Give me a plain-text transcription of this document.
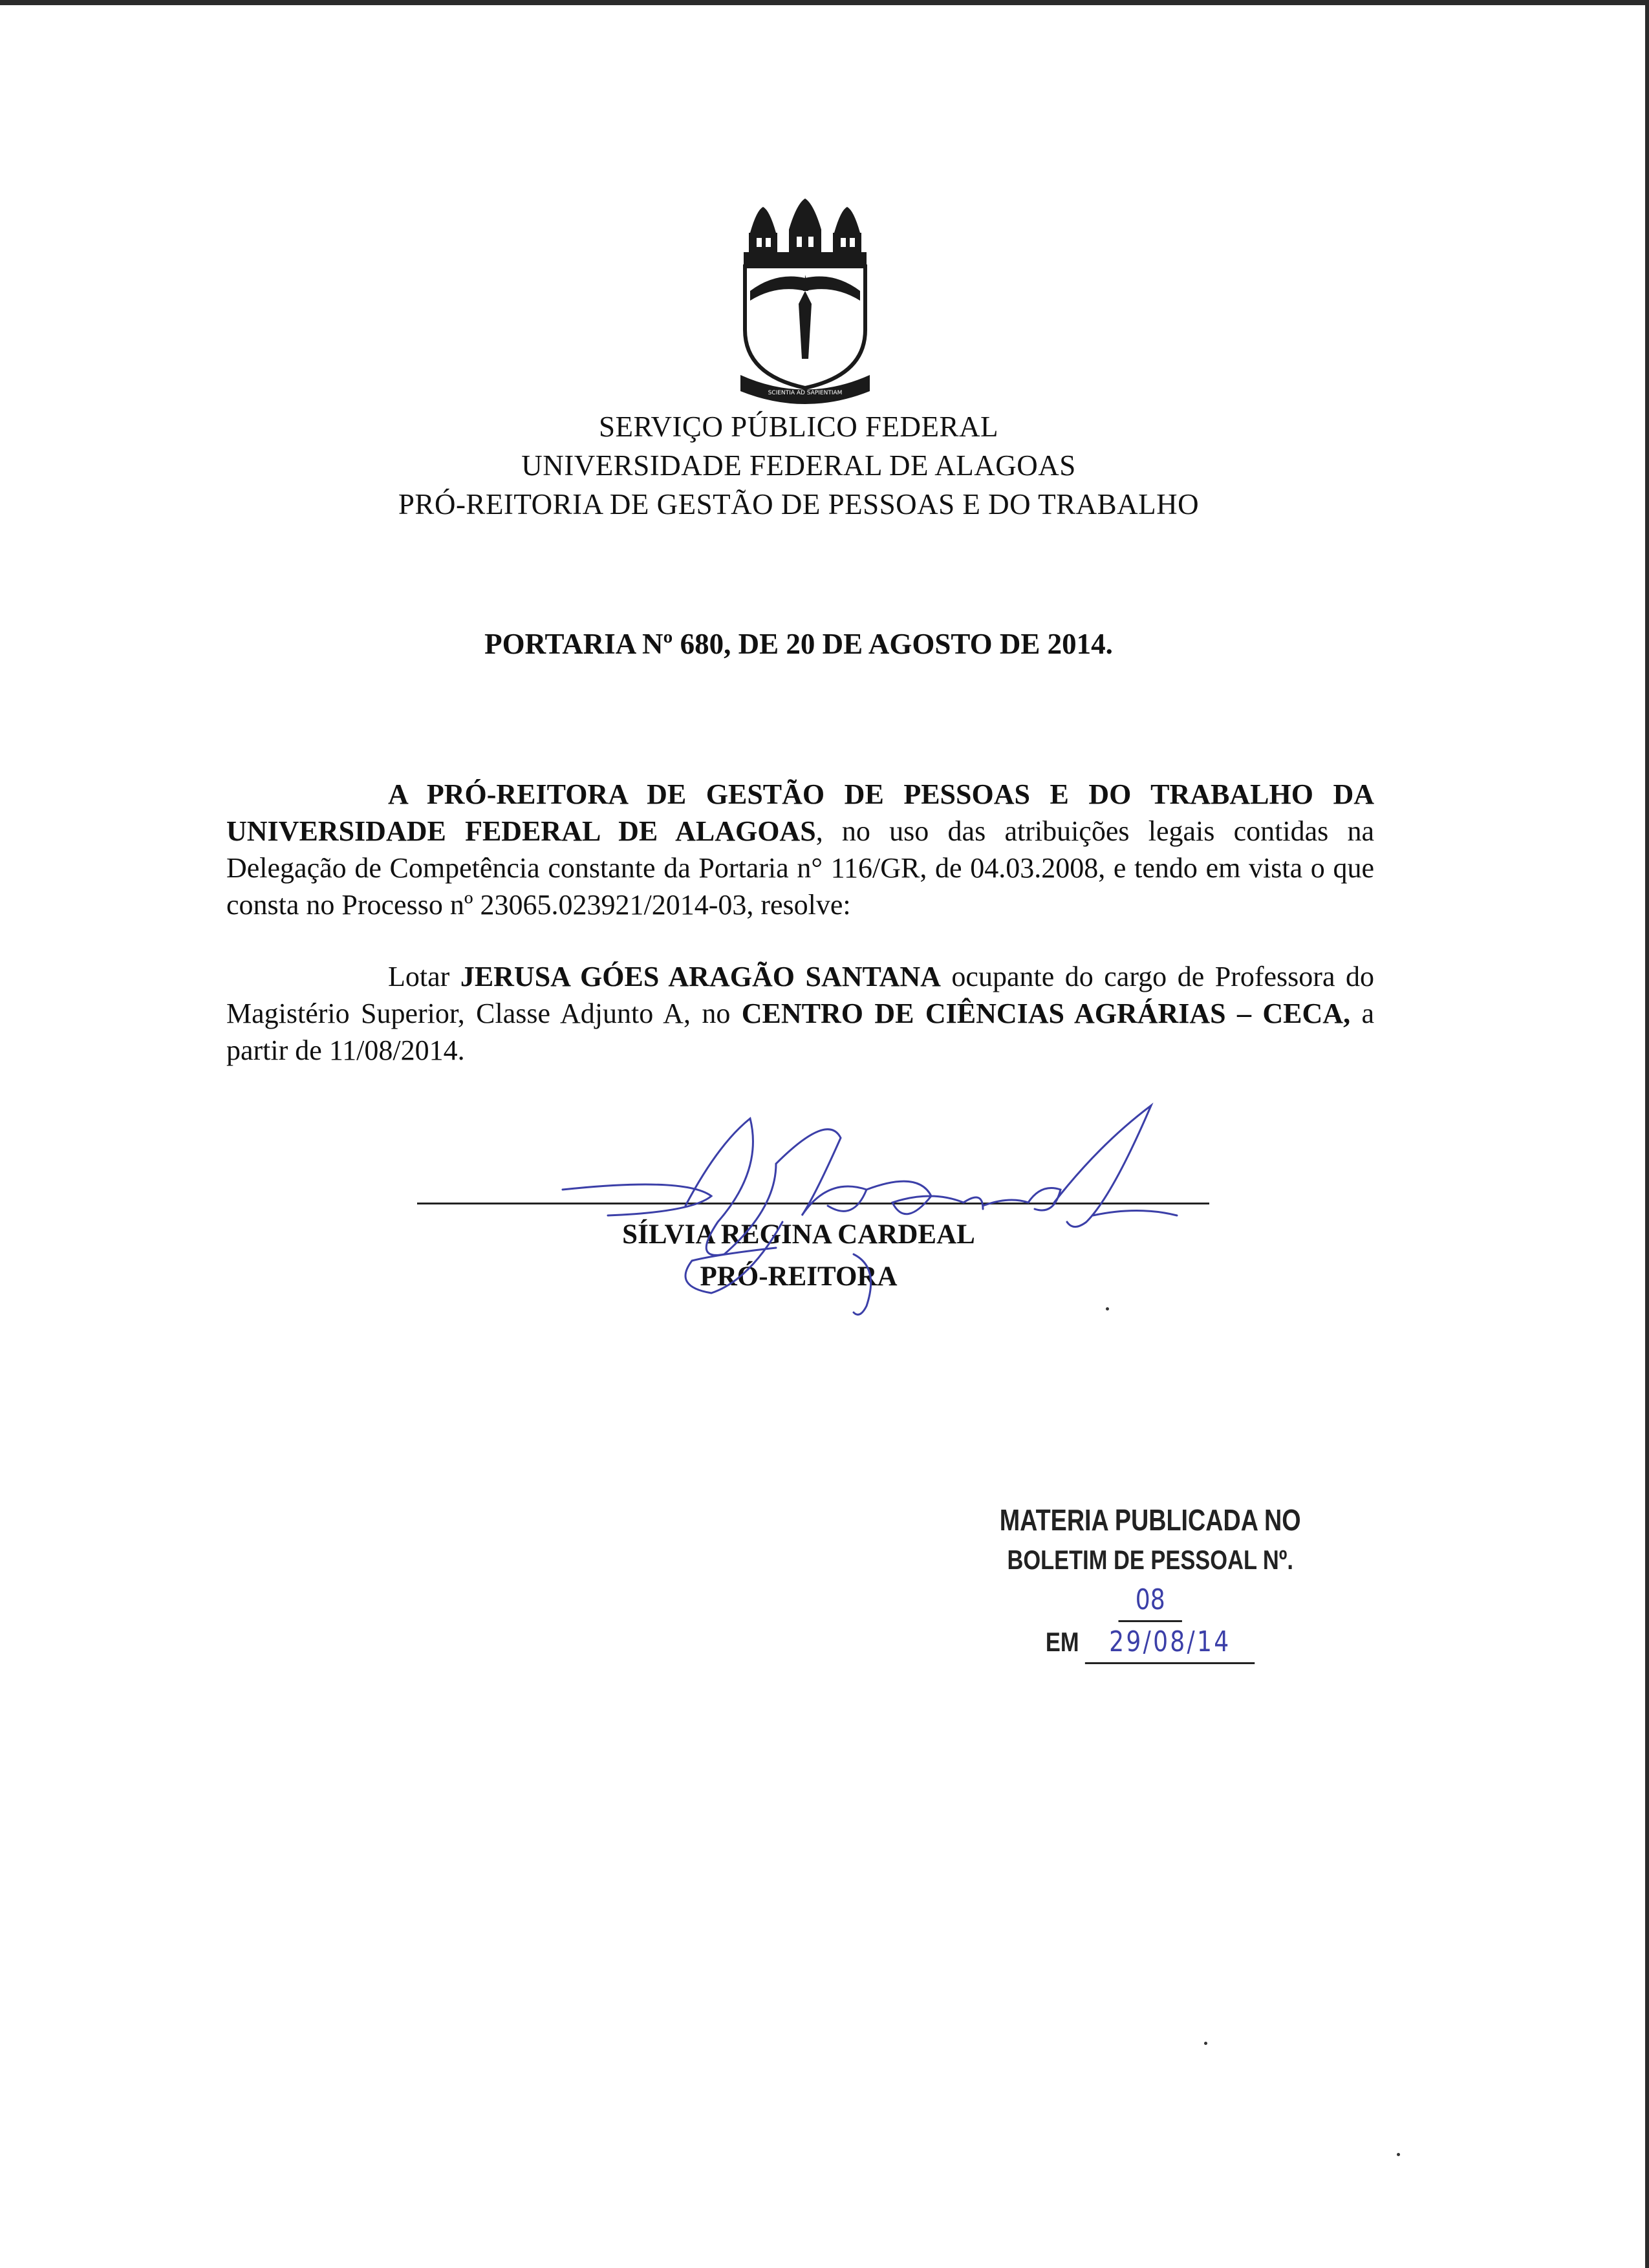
SCIENTIA AD SAPIENTIAM
SERVIÇO PÚBLICO FEDERAL
UNIVERSIDADE FEDERAL DE ALAGOAS
PRÓ-REITORIA DE GESTÃO DE PESSOAS E DO TRABALHO
PORTARIA Nº 680, DE 20 DE AGOSTO DE 2014.
A PRÓ-REITORA DE GESTÃO DE PESSOAS E DO TRABALHO DA UNIVERSIDADE FEDERAL DE ALAGOAS, no uso das atribuições legais contidas na Delegação de Competência constante da Portaria n° 116/GR, de 04.03.2008, e tendo em vista o que consta no Processo nº 23065.023921/2014-03, resolve:
Lotar JERUSA GÓES ARAGÃO SANTANA ocupante do cargo de Professora do Magistério Superior, Classe Adjunto A, no CENTRO DE CIÊNCIAS AGRÁRIAS – CECA, a partir de 11/08/2014.
SÍLVIA REGINA CARDEAL
PRÓ-REITORA
MATERIA PUBLICADA NO
BOLETIM DE PESSOAL Nº. 08
EM 29/08/14
